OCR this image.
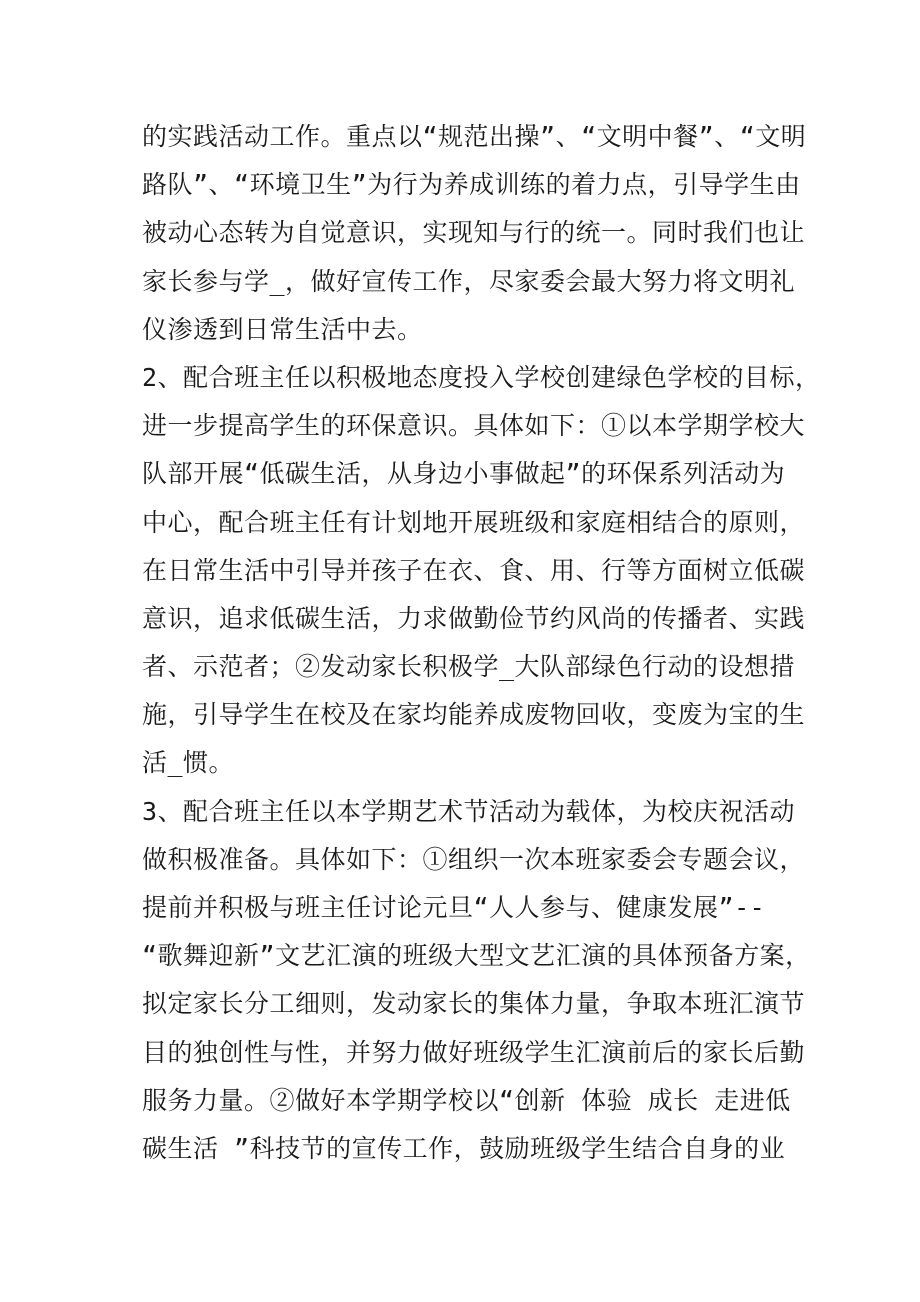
的实践活动工作。重点以“规范出操”、“文明中餐”、“文明
路队”、“环境卫生”为行为养成训练的着力点，引导学生由
被动心态转为自觉意识，实现知与行的统一。同时我们也让
家长参与学_，做好宣传工作，尽家委会最大努力将文明礼
仪渗透到日常生活中去。
2、配合班主任以积极地态度投入学校创建绿色学校的目标，
进一步提高学生的环保意识。具体如下：①以本学期学校大
队部开展“低碳生活，从身边小事做起”的环保系列活动为
中心，配合班主任有计划地开展班级和家庭相结合的原则，
在日常生活中引导并孩子在衣、食、用、行等方面树立低碳
意识，追求低碳生活，力求做勤俭节约风尚的传播者、实践
者、示范者；②发动家长积极学_大队部绿色行动的设想措
施，引导学生在校及在家均能养成废物回收，变废为宝的生
活_惯。
3、配合班主任以本学期艺术节活动为载体，为校庆祝活动
做积极准备。具体如下：①组织一次本班家委会专题会议，
提前并积极与班主任讨论元旦“人人参与、健康发展”--
“歌舞迎新”文艺汇演的班级大型文艺汇演的具体预备方案，
拟定家长分工细则，发动家长的集体力量，争取本班汇演节
目的独创性与性，并努力做好班级学生汇演前后的家长后勤
服务力量。②做好本学期学校以“创新 体验 成长 走进低
碳生活 ”科技节的宣传工作，鼓励班级学生结合自身的业
